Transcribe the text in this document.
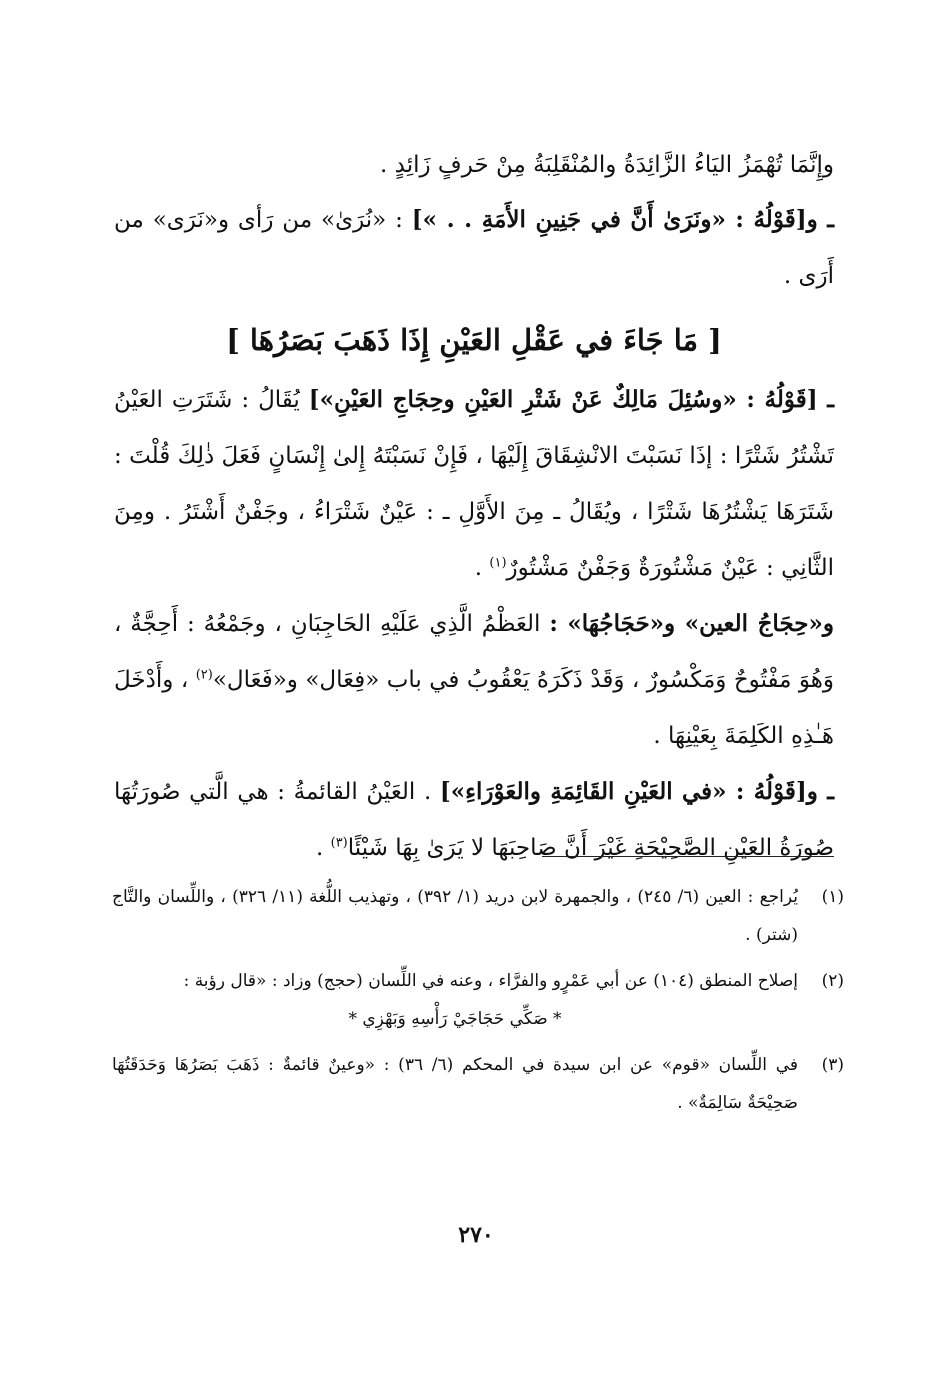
وإِنَّمَا تُهْمَزُ اليَاءُ الزَّائِدَةُ والمُنْقَلِبَةُ مِنْ حَرفٍ زَائِدٍ .

ـ و[قَوْلُهُ : «ونَرَىٰ أَنَّ في جَنِينِ الأَمَةِ . . »] : «نُرَىٰ» من رَأى و«نَرَى» من أَرَى .

[ مَا جَاءَ في عَقْلِ العَيْنِ إِذَا ذَهَبَ بَصَرُهَا ]

ـ [قَوْلُهُ : «وسُئِلَ مَالِكٌ عَنْ شَتْرِ العَيْنِ وحِجَاجِ العَيْنِ»] يُقَالُ : شَتَرَتِ العَيْنُ تَشْتُرُ شَتْرًا : إذَا نَسَبْتَ الانْشِقَاقَ إِلَيْهَا ، فَإِنْ نَسَبْتَهُ إِلىٰ إِنْسَانٍ فَعَلَ ذٰلِكَ قُلْتَ : شَتَرَهَا يَشْتُرُهَا شَتْرًا ، ويُقَالُ ـ مِنَ الأَوَّلِ ـ : عَيْنٌ شَتْرَاءُ ، وجَفْنٌ أَشْتَرُ . ومِنَ الثَّانِي : عَيْنٌ مَشْتُورَةٌ وَجَفْنٌ مَشْتُورٌ$^{(١)}$ .

و«حِجَاجُ العين» و«حَجَاجُهَا» : العَظْمُ الَّذِي عَلَيْهِ الحَاجِبَانِ ، وجَمْعُهُ : أَحِجَّةٌ ، وَهُوَ مَفْتُوحٌ وَمَكْسُورٌ ، وَقَدْ ذَكَرَهُ يَعْقُوبُ في باب «فِعَال» و«فَعَال»$^{(٢)}$ ، وأَدْخَلَ هَـٰذِهِ الكَلِمَةَ بِعَيْنِهَا .

ـ و[قَوْلُهُ : «في العَيْنِ القَائِمَةِ والعَوْرَاءِ»] . العَيْنُ القائمةُ : هي الَّتي صُورَتُهَا صُورَةُ العَيْنِ الصَّحِيْحَةِ غَيْرَ أَنَّ صَاحِبَهَا لا يَرَىٰ بِهَا شَيْئًا$^{(٣)}$ .

(١)
يُراجع : العين (٦/ ٢٤٥) ، والجمهرة لابن دريد (١/ ٣٩٢) ، وتهذيب اللُّغة (١١/ ٣٢٦) ، واللِّسان والتَّاج (شتر) .
(٢)
إصلاح المنطق (١٠٤) عن أبي عَمْرٍو والفرَّاء ، وعنه في اللِّسان (حجج) وزاد : «قال رؤبة :
* صَكِّي حَجَاجَيْ رَأْسِهِ وَبَهْزِي *
(٣)
في اللِّسان «قوم» عن ابن سيدة في المحكم (٦/ ٣٦) : «وعينٌ قائمةٌ : ذَهَبَ بَصَرُهَا وَحَدَقَتُهَا صَحِيْحَةٌ سَالِمَةٌ» .
٢٧٠
